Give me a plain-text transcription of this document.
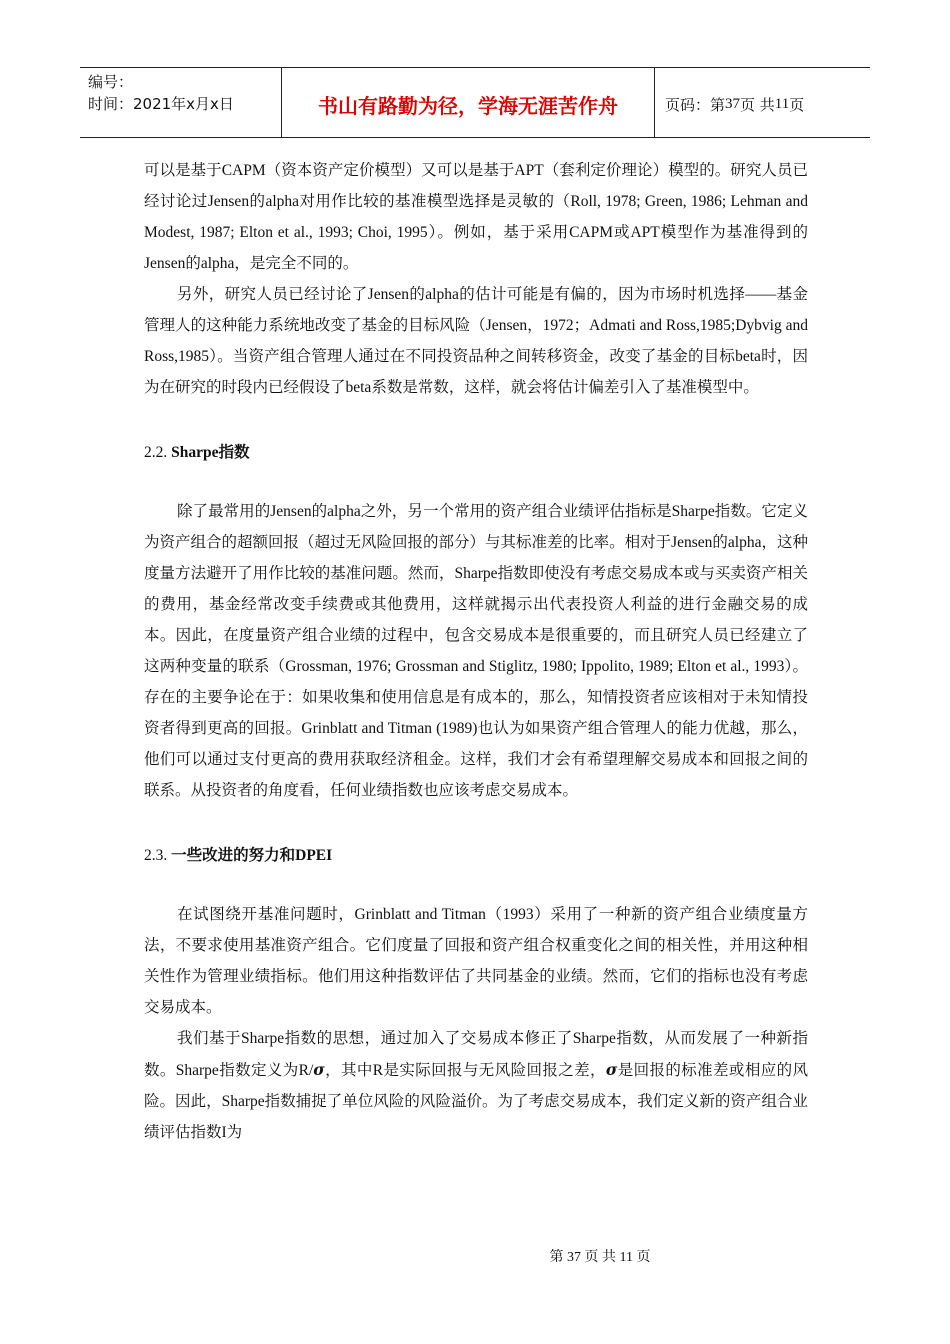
编号：
时间：2021年x月x日	书山有路勤为径，学海无涯苦作舟	页码：第 37 页 共 11 页

可以是基于CAPM（资本资产定价模型）又可以是基于APT（套利定价理论）模型的。研究人员已经讨论过Jensen的alpha对用作比较的基准模型选择是灵敏的（Roll, 1978; Green, 1986; Lehman and Modest, 1987; Elton et al., 1993; Choi, 1995）。例如，基于采用CAPM或APT模型作为基准得到的Jensen的alpha，是完全不同的。

另外，研究人员已经讨论了Jensen的alpha的估计可能是有偏的，因为市场时机选择——基金管理人的这种能力系统地改变了基金的目标风险（Jensen，1972；Admati and Ross,1985;Dybvig and Ross,1985）。当资产组合管理人通过在不同投资品种之间转移资金，改变了基金的目标beta时，因为在研究的时段内已经假设了beta系数是常数，这样，就会将估计偏差引入了基准模型中。

2.2. Sharpe指数

除了最常用的Jensen的alpha之外，另一个常用的资产组合业绩评估指标是Sharpe指数。它定义为资产组合的超额回报（超过无风险回报的部分）与其标准差的比率。相对于Jensen的alpha，这种度量方法避开了用作比较的基准问题。然而，Sharpe指数即使没有考虑交易成本或与买卖资产相关的费用，基金经常改变手续费或其他费用，这样就揭示出代表投资人利益的进行金融交易的成本。因此，在度量资产组合业绩的过程中，包含交易成本是很重要的，而且研究人员已经建立了这两种变量的联系（Grossman, 1976; Grossman and Stiglitz, 1980; Ippolito, 1989; Elton et al., 1993）。存在的主要争论在于：如果收集和使用信息是有成本的，那么，知情投资者应该相对于未知情投资者得到更高的回报。Grinblatt and Titman (1989)也认为如果资产组合管理人的能力优越，那么，他们可以通过支付更高的费用获取经济租金。这样，我们才会有希望理解交易成本和回报之间的联系。从投资者的角度看，任何业绩指数也应该考虑交易成本。

2.3. 一些改进的努力和DPEI

在试图绕开基准问题时，Grinblatt and Titman（1993）采用了一种新的资产组合业绩度量方法，不要求使用基准资产组合。它们度量了回报和资产组合权重变化之间的相关性，并用这种相关性作为管理业绩指标。他们用这种指数评估了共同基金的业绩。然而，它们的指标也没有考虑交易成本。

我们基于Sharpe指数的思想，通过加入了交易成本修正了Sharpe指数，从而发展了一种新指数。Sharpe指数定义为R/σ，其中R是实际回报与无风险回报之差，σ是回报的标准差或相应的风险。因此，Sharpe指数捕捉了单位风险的风险溢价。为了考虑交易成本，我们定义新的资产组合业绩评估指数I为

第 37 页 共 11 页
